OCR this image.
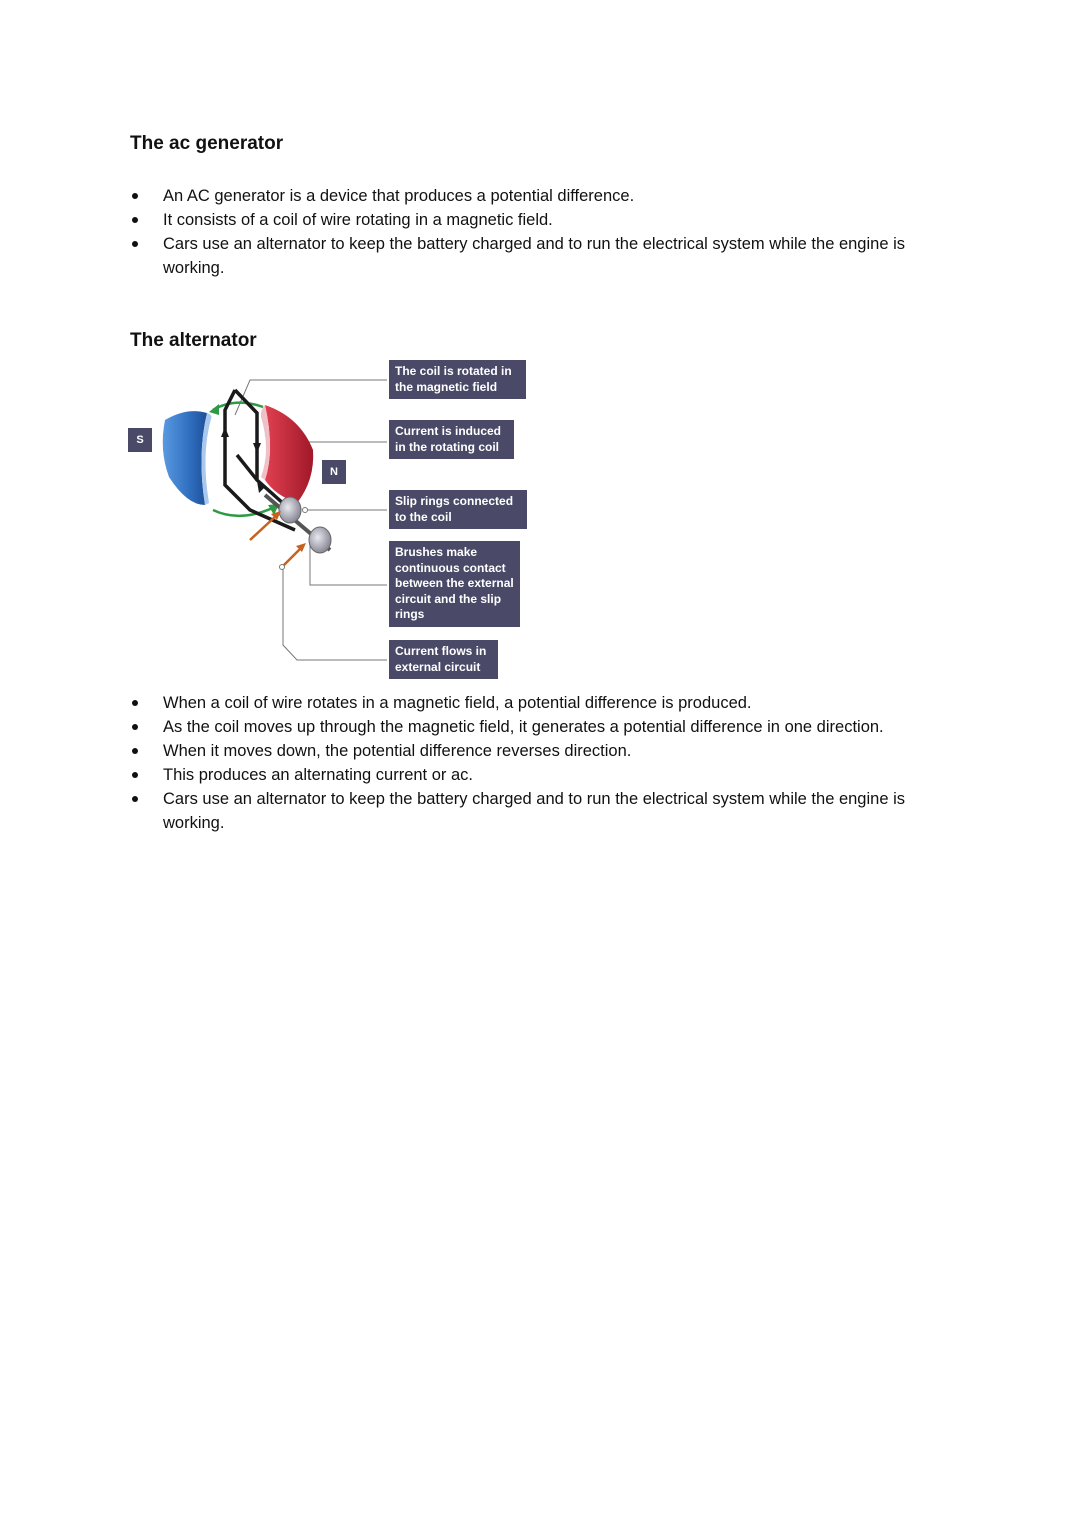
The ac generator
An AC generator is a device that produces a potential difference.
It consists of a coil of wire rotating in a magnetic field.
Cars use an alternator to keep the battery charged and to run the electrical system while the engine is working.
The alternator
S
N
The coil is rotated in the magnetic field
Current is induced in the rotating coil
Slip rings connected to the coil
Brushes make continuous contact between the external circuit and the slip rings
Current flows in external circuit
When a coil of wire rotates in a magnetic field, a potential difference is produced.
As the coil moves up through the magnetic field, it generates a potential difference in one direction.
When it moves down, the potential difference reverses direction.
This produces an alternating current or ac.
Cars use an alternator to keep the battery charged and to run the electrical system while the engine is working.
